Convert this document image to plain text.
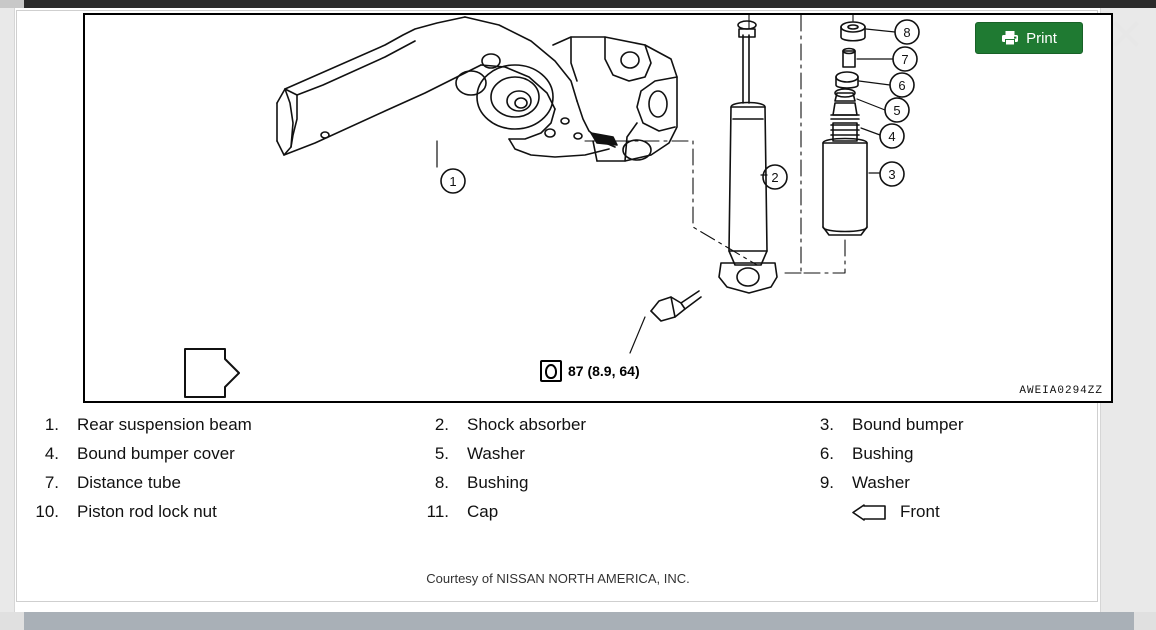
1	2	3
4
5
6
7
8
87 (8.9, 64)
AWEIA0294ZZ
1.	Rear suspension beam	2.	Shock absorber	3.	Bound bumper
4.	Bound bumper cover	5.	Washer	6.	Bushing
7.	Distance tube	8.	Bushing	9.	Washer
10.	Piston rod lock nut	11.	Cap	Front
Courtesy of NISSAN NORTH AMERICA, INC.
Print ✕
